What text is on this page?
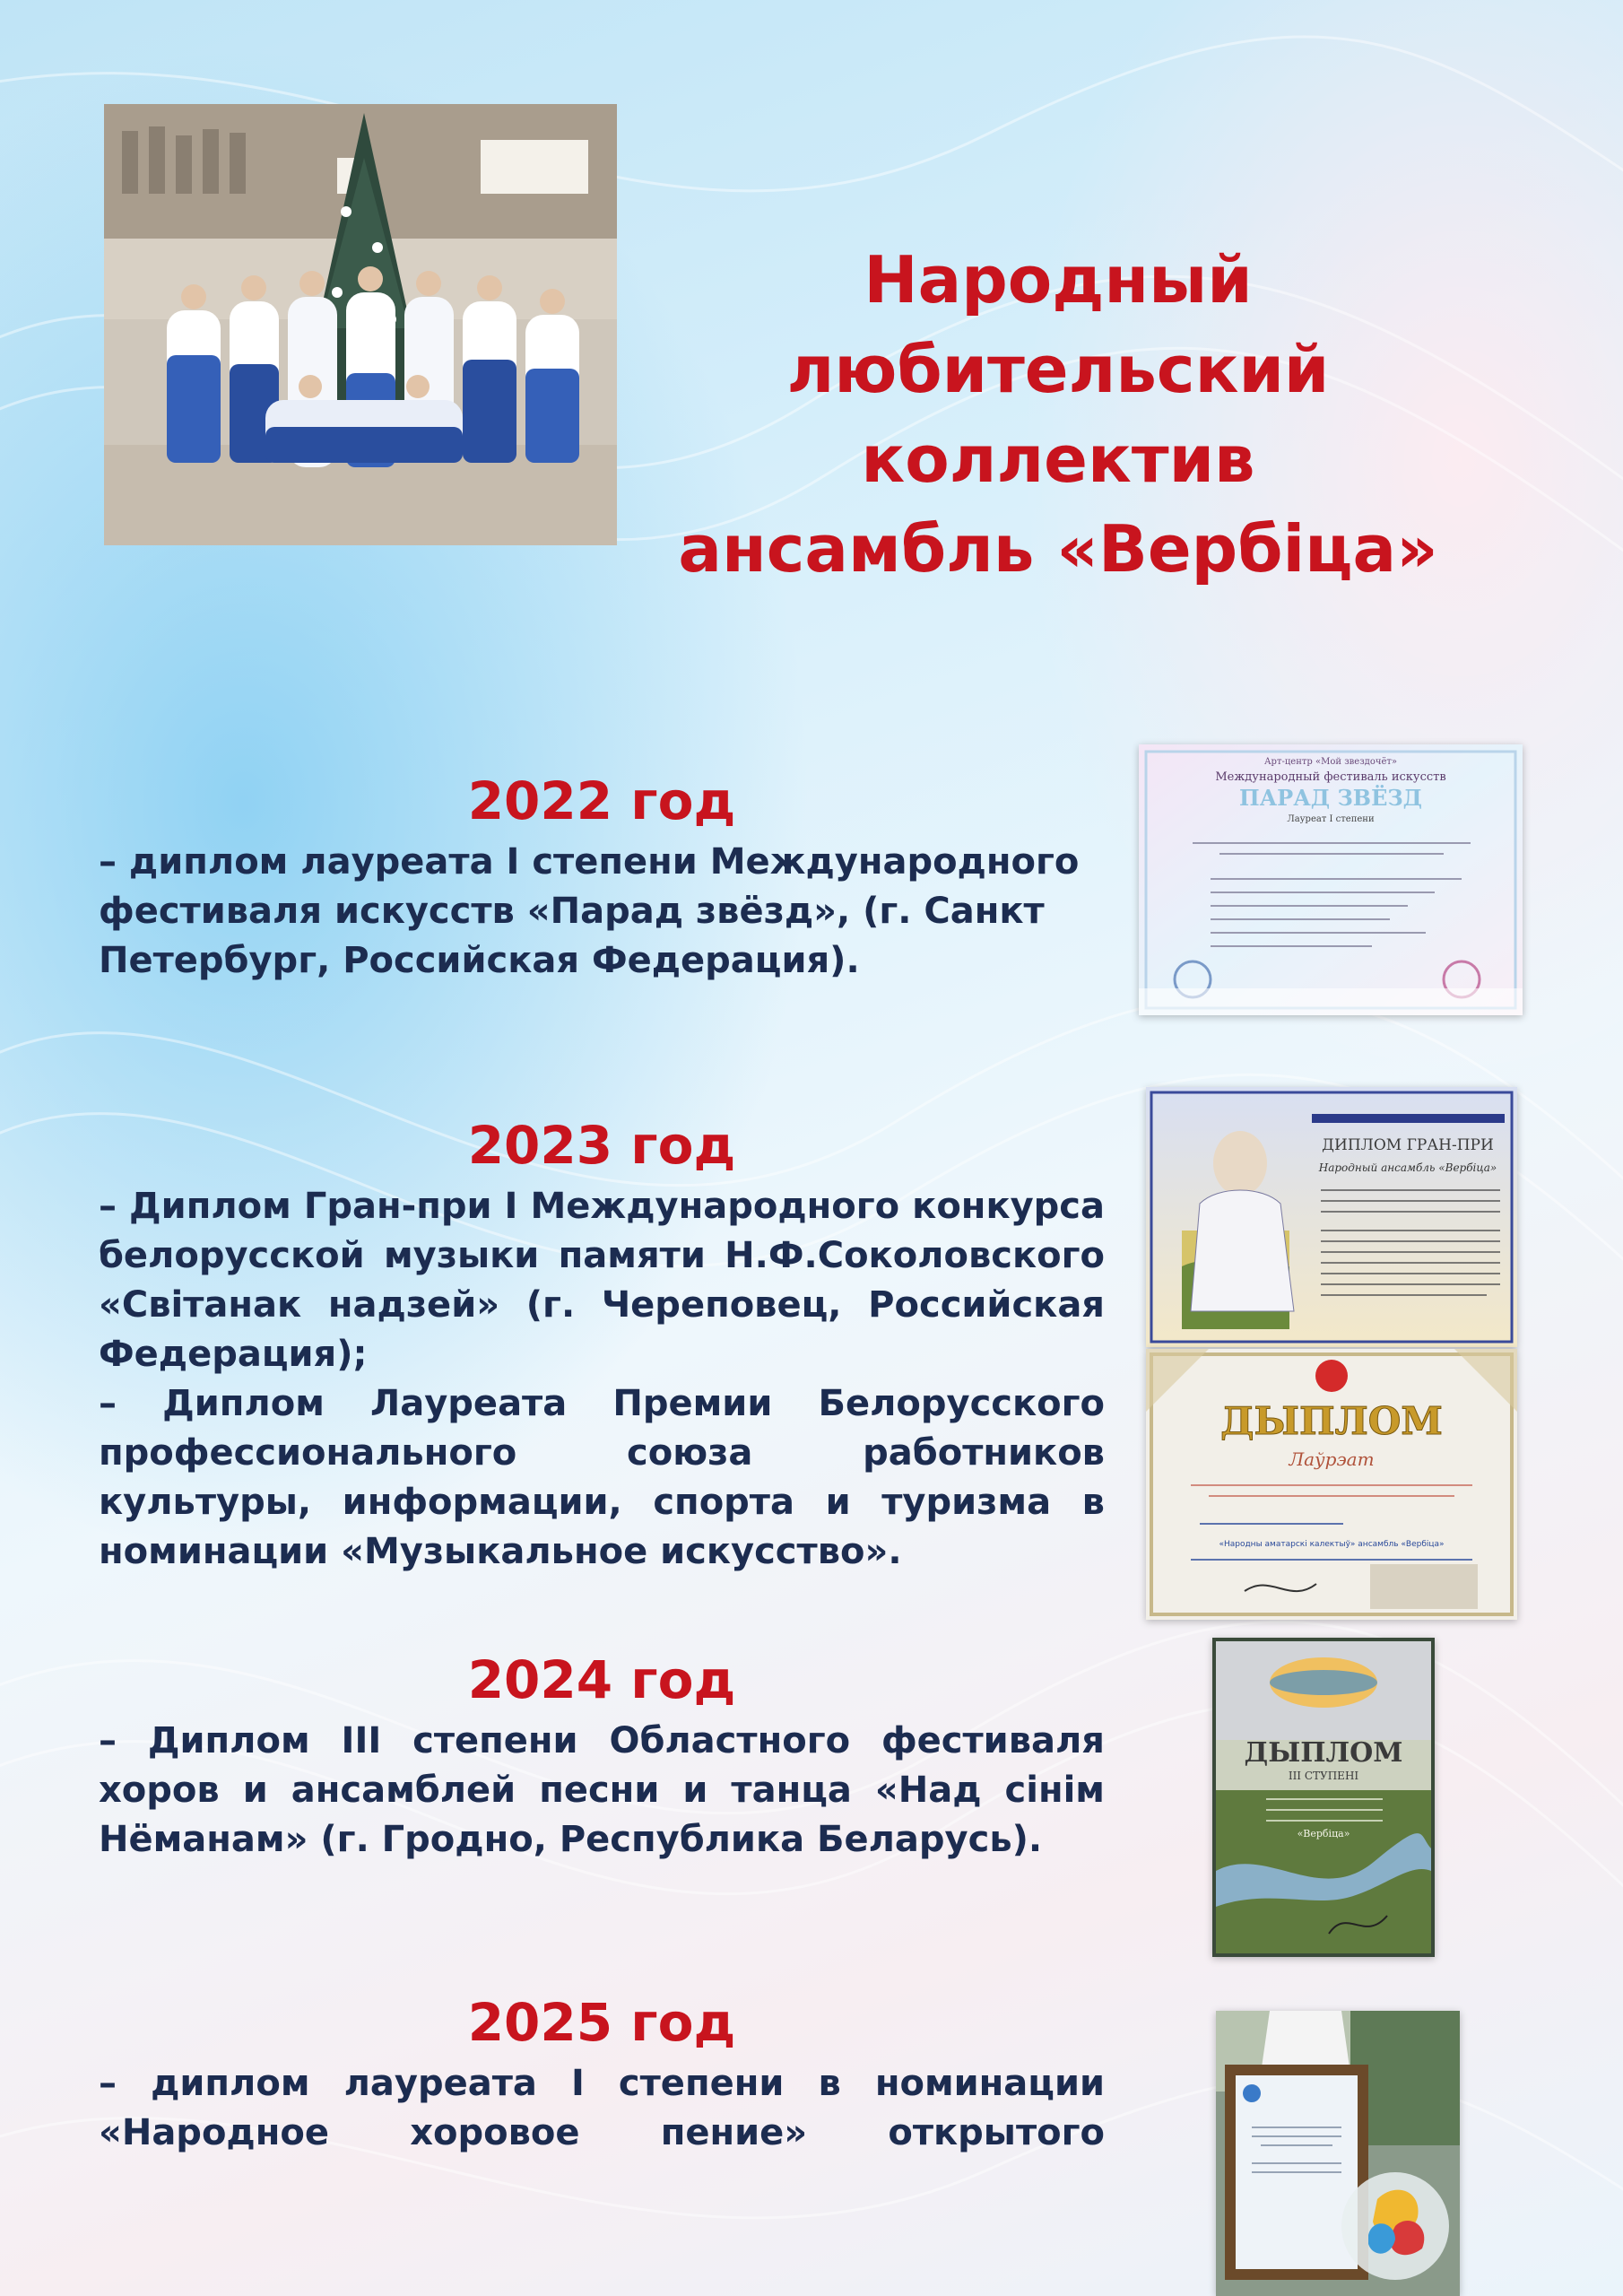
Народный
любительский
коллектив
ансамбль «Вербіца»
2022 год

– диплом лауреата I степени Международного фестиваля искусств «Парад звёзд», (г. Санкт Петербург, Российская Федерация).

2023 год

– Диплом Гран-при I Международного конкурса белорусской музыки памяти Н.Ф.Соколовского «Світанак надзей» (г. Череповец, Российская Федерация);

– Диплом Лауреата Премии Белорусского профессионального союза работников культуры, информации, спорта и туризма в номинации «Музыкальное искусство».

2024 год

– Диплом III степени Областного фестиваля хоров и ансамблей песни и танца «Над сінім Нёманам» (г. Гродно, Республика Беларусь).

2025 год

– диплом лауреата I степени в номинации «Народное хоровое пение» открытого

Арт-центр «Мой звездочёт»
Международный фестиваль искусств
ПАРАД ЗВЁЗД
Лауреат I степени
ДИПЛОМ ГРАН-ПРИ
Народный ансамбль «Вербіца»
ДЫПЛОМ
Лаўрэат
«Народны аматарскі калектыў» ансамбль «Вербіца»
ДЫПЛОМ
III СТУПЕНІ
«Вербіца»
